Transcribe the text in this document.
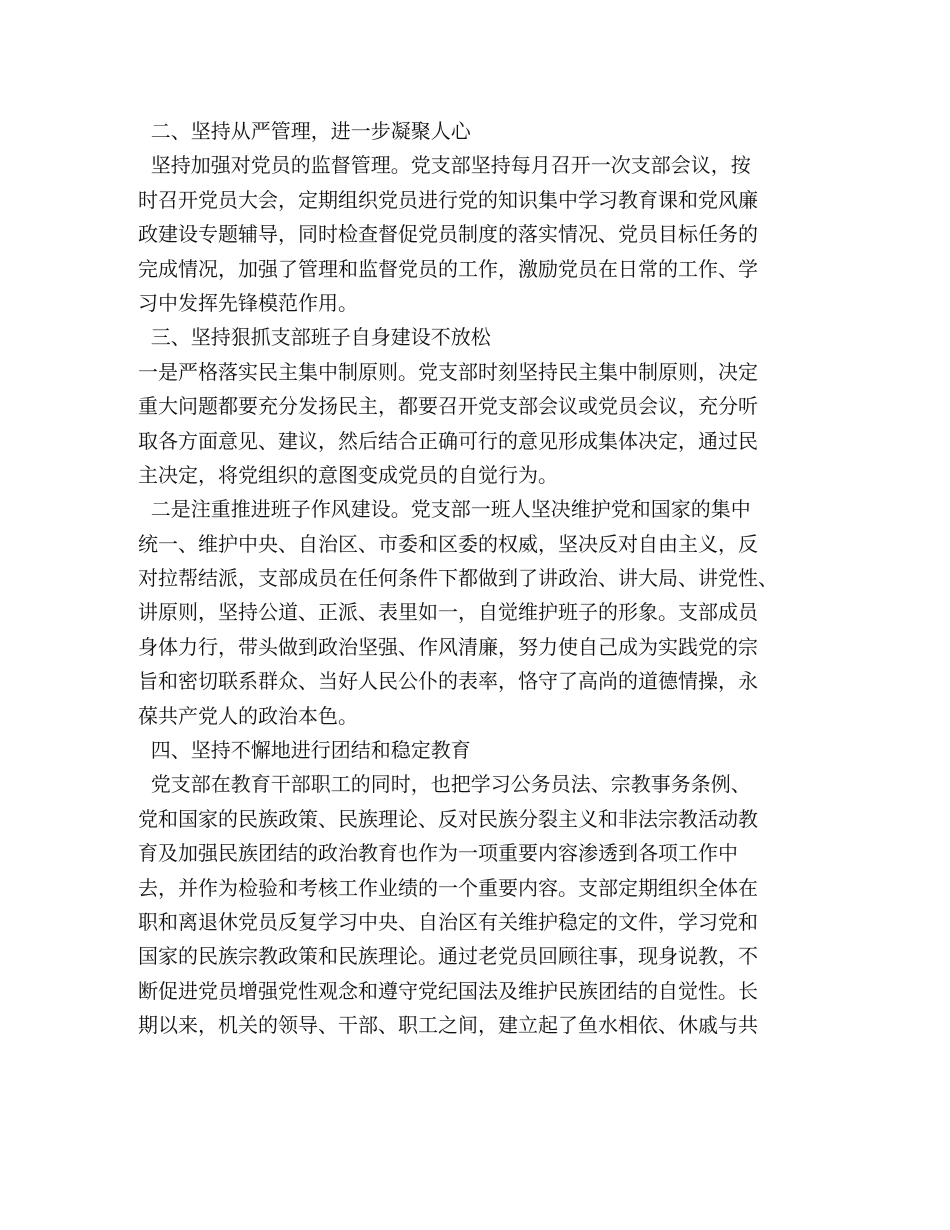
二、坚持从严管理，进一步凝聚人心
坚持加强对党员的监督管理。党支部坚持每月召开一次支部会议，按
时召开党员大会，定期组织党员进行党的知识集中学习教育课和党风廉
政建设专题辅导，同时检查督促党员制度的落实情况、党员目标任务的
完成情况，加强了管理和监督党员的工作，激励党员在日常的工作、学
习中发挥先锋模范作用。
三、坚持狠抓支部班子自身建设不放松
一是严格落实民主集中制原则。党支部时刻坚持民主集中制原则，决定
重大问题都要充分发扬民主，都要召开党支部会议或党员会议，充分听
取各方面意见、建议，然后结合正确可行的意见形成集体决定，通过民
主决定，将党组织的意图变成党员的自觉行为。
二是注重推进班子作风建设。党支部一班人坚决维护党和国家的集中
统一、维护中央、自治区、市委和区委的权威，坚决反对自由主义，反
对拉帮结派，支部成员在任何条件下都做到了讲政治、讲大局、讲党性、
讲原则，坚持公道、正派、表里如一，自觉维护班子的形象。支部成员
身体力行，带头做到政治坚强、作风清廉，努力使自己成为实践党的宗
旨和密切联系群众、当好人民公仆的表率，恪守了高尚的道德情操，永
葆共产党人的政治本色。
四、坚持不懈地进行团结和稳定教育
党支部在教育干部职工的同时，也把学习公务员法、宗教事务条例、
党和国家的民族政策、民族理论、反对民族分裂主义和非法宗教活动教
育及加强民族团结的政治教育也作为一项重要内容渗透到各项工作中
去，并作为检验和考核工作业绩的一个重要内容。支部定期组织全体在
职和离退休党员反复学习中央、自治区有关维护稳定的文件，学习党和
国家的民族宗教政策和民族理论。通过老党员回顾往事，现身说教，不
断促进党员增强党性观念和遵守党纪国法及维护民族团结的自觉性。长
期以来，机关的领导、干部、职工之间，建立起了鱼水相依、休戚与共
